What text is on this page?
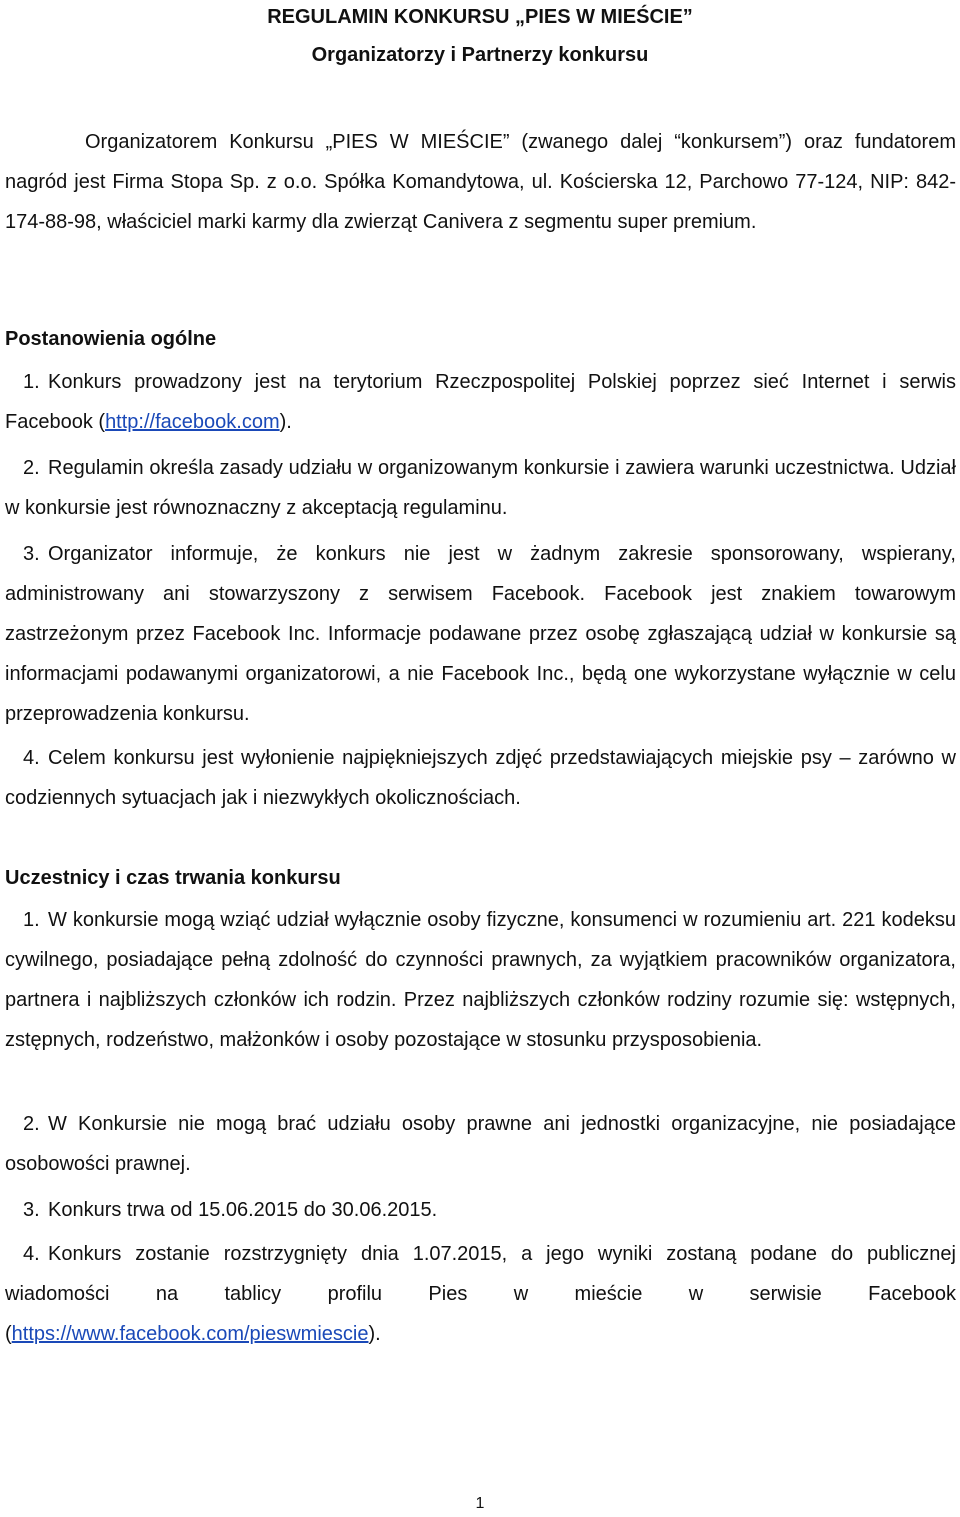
REGULAMIN KONKURSU „PIES W MIEŚCIE”

Organizatorzy i Partnerzy konkursu

Organizatorem Konkursu „PIES W MIEŚCIE” (zwanego dalej “konkursem”) oraz fundatorem nagród jest Firma Stopa Sp. z o.o. Spółka Komandytowa, ul. Kościerska 12, Parchowo 77-124, NIP: 842-174-88-98, właściciel marki karmy dla zwierząt Canivera z segmentu super premium.

Postanowienia ogólne

1. Konkurs prowadzony jest na terytorium Rzeczpospolitej Polskiej poprzez sieć Internet i serwis Facebook (http://facebook.com).

2. Regulamin określa zasady udziału w organizowanym konkursie i zawiera warunki uczestnictwa. Udział w konkursie jest równoznaczny z akceptacją regulaminu.

3. Organizator informuje, że konkurs nie jest w żadnym zakresie sponsorowany, wspierany, administrowany ani stowarzyszony z serwisem Facebook. Facebook jest znakiem towarowym zastrzeżonym przez Facebook Inc. Informacje podawane przez osobę zgłaszającą udział w konkursie są informacjami podawanymi organizatorowi, a nie Facebook Inc., będą one wykorzystane wyłącznie w celu przeprowadzenia konkursu.

4. Celem konkursu jest wyłonienie najpiękniejszych zdjęć przedstawiających miejskie psy – zarówno w codziennych sytuacjach jak i niezwykłych okolicznościach.

Uczestnicy i czas trwania konkursu

1. W konkursie mogą wziąć udział wyłącznie osoby fizyczne, konsumenci w rozumieniu art. 221 kodeksu cywilnego, posiadające pełną zdolność do czynności prawnych, za wyjątkiem pracowników organizatora, partnera i najbliższych członków ich rodzin. Przez najbliższych członków rodziny rozumie się: wstępnych, zstępnych, rodzeństwo, małżonków i osoby pozostające w stosunku przysposobienia.

2. W Konkursie nie mogą brać udziału osoby prawne ani jednostki organizacyjne, nie posiadające osobowości prawnej.

3. Konkurs trwa od 15.06.2015 do 30.06.2015.

4. Konkurs zostanie rozstrzygnięty dnia 1.07.2015, a jego wyniki zostaną podane do publicznej wiadomości na tablicy profilu Pies w mieście w serwisie Facebook (https://www.facebook.com/pieswmiescie).

1
